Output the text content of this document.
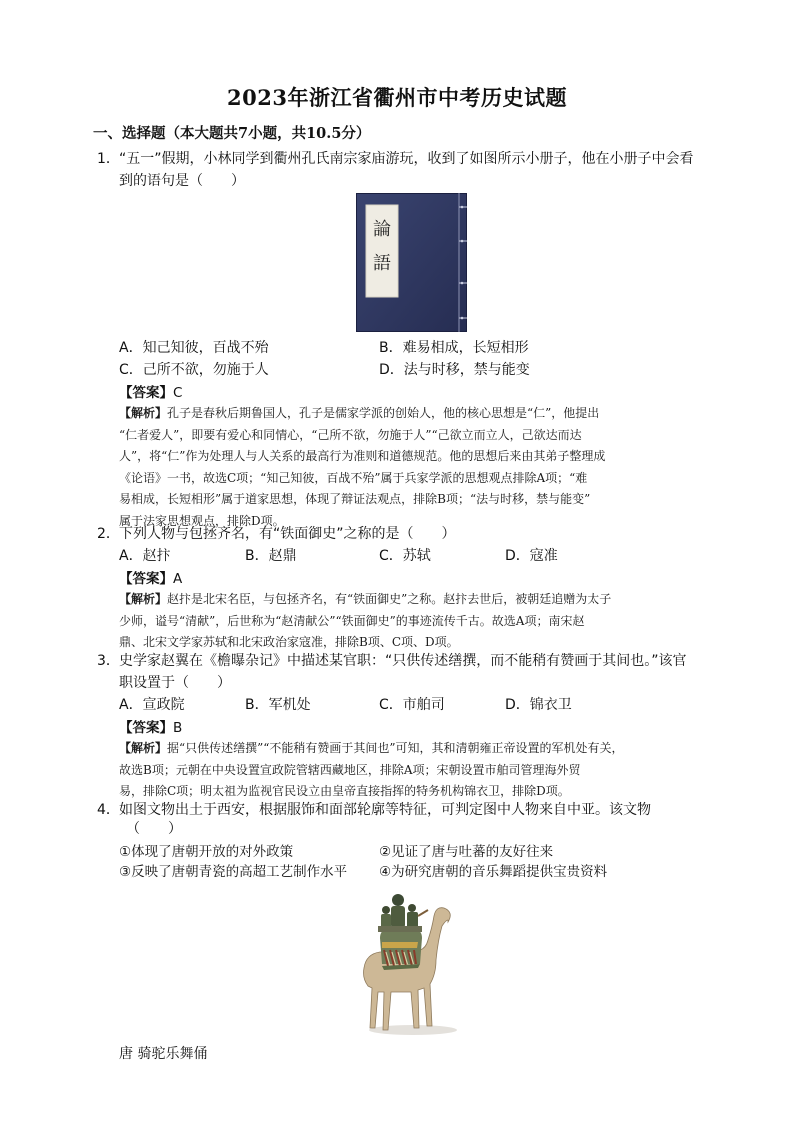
2023年浙江省衢州市中考历史试题
一、选择题（本大题共7小题，共10.5分）
1． “五一”假期，小林同学到衢州孔氏南宗家庙游玩，收到了如图所示小册子，他在小册子中会看
到的语句是（　　）
論
語
A．知己知彼，百战不殆	B．难易相成，长短相形
C．己所不欲，勿施于人	D．法与时移，禁与能变
【答案】C
【解析】孔子是春秋后期鲁国人，孔子是儒家学派的创始人，他的核心思想是“仁”，他提出
“仁者爱人”，即要有爱心和同情心，“己所不欲，勿施于人”“己欲立而立人，己欲达而达
人”，将“仁”作为处理人与人关系的最高行为准则和道德规范。他的思想后来由其弟子整理成
《论语》一书，故选C项；“知己知彼，百战不殆”属于兵家学派的思想观点排除A项；“难
易相成，长短相形”属于道家思想，体现了辩证法观点，排除B项；“法与时移，禁与能变”
属于法家思想观点，排除D项。
2． 下列人物与包拯齐名，有“铁面御史”之称的是（　　）
A．赵抃	B．赵鼎	C．苏轼	D．寇准
【答案】A
【解析】赵抃是北宋名臣，与包拯齐名，有“铁面御史”之称。赵抃去世后，被朝廷追赠为太子
少师，谥号“清献”，后世称为“赵清献公”“铁面御史”的事迹流传千古。故选A项；南宋赵
鼎、北宋文学家苏轼和北宋政治家寇准，排除B项、C项、D项。
3． 史学家赵翼在《檐曝杂记》中描述某官职：“只供传述缮撰，而不能稍有赞画于其间也。”该官
职设置于（　　）
A．宣政院	B．军机处	C．市舶司	D．锦衣卫
【答案】B
【解析】据“只供传述缮撰”“不能稍有赞画于其间也”可知，其和清朝雍正帝设置的军机处有关，
故选B项；元朝在中央设置宣政院管辖西藏地区，排除A项；宋朝设置市舶司管理海外贸
易，排除C项；明太祖为监视官民设立由皇帝直接指挥的特务机构锦衣卫，排除D项。
4． 如图文物出土于西安，根据服饰和面部轮廓等特征，可判定图中人物来自中亚。该文物
（　　）
①体现了唐朝开放的对外政策	②见证了唐与吐蕃的友好往来
③反映了唐朝青瓷的高超工艺制作水平 ④为研究唐朝的音乐舞蹈提供宝贵资料
唐 骑驼乐舞俑
